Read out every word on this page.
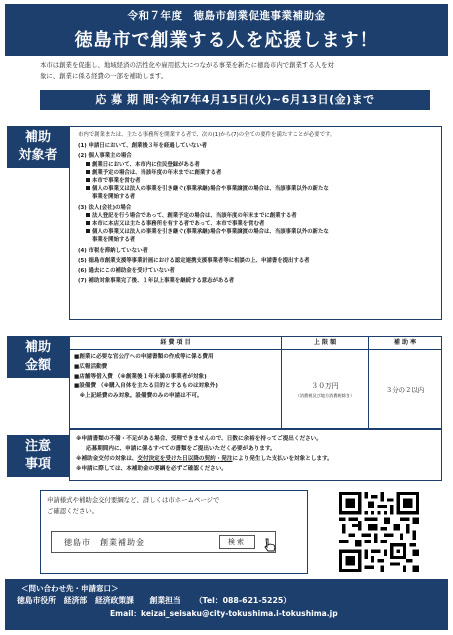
令和７年度　徳島市創業促進事業補助金
徳島市で創業する人を応援します！
本市は創業を促進し、地域経済の活性化や雇用拡大につながる事業を新たに徳島市内で創業する人を対
象に、創業に係る経費の一部を補助します。
応 募 期 間:令和7年4月15日(火)~6月13日(金)まで
補助
対象者
市内で創業または、主たる事務所を開業する者で、次の(1)から(7)の全ての要件を満たすことが必要です。
(1) 申請日において、創業後３年を経過していない者
(2) 個人事業主の場合
創業日において、本市内に住民登録がある者
創業予定の場合は、当該年度の年末までに創業する者
本市で事業を営む者
個人の事業又は法人の事業を引き継ぐ(事業承継)場合や事業譲渡の場合は、当該事業以外の新たな
事業を開始する者
(3) 法人(会社)の場合
法人登記を行う場合であって、創業予定の場合は、当該年度の年末までに創業する者
本市に本店又は主たる事務所を有する者であって、本市で事業を営む者
個人の事業又は法人の事業を引き継ぐ(事業承継)場合や事業譲渡の場合は、当該事業以外の新たな
事業を開始する者
(4) 市税を滞納していない者
(5) 徳島市創業支援等事業計画における認定連携支援事業者等に相談の上、申請書を提出する者
(6) 過去にこの補助金を受けていない者
(7) 補助対象事業完了後、１年以上事業を継続する意志がある者
補助
金額
経 費 項 目	上 限 額	補 助 率
■創業に必要な官公庁への申請書類の作成等に係る費用
■広報活動費
■店舗等借入費 （※創業後１年未満の事業者が対象)
■設備費 （※購入自体を主たる目的とするものは対象外)
　※上記経費のみ対象。設備費のみの申請は不可。
３０万円
（消費税及び地方消費税除き）
３分の２以内
注意
事項
※申請書類の不備・不足がある場合、受理できませんので、日数に余裕を持ってご提出ください。
応募期間内に、申請に係るすべての書類をご提出いただく必要があります。
※補助金交付の対象は、交付決定を受けた日以降の契約・発注により発生した支払いを対象とします。
※申請に際しては、本補助金の要綱を必ずご確認ください。
申請様式や補助金交付要綱など、詳しくは市ホームページで
ご確認ください。
徳島市　創業補助金	検索
＜問い合わせ先・申請窓口＞
徳島市役所　経済部　経済政策課　　創業担当 （Tel：088-621-5225）
Email：keizai_seisaku@city-tokushima.i-tokushima.jp
